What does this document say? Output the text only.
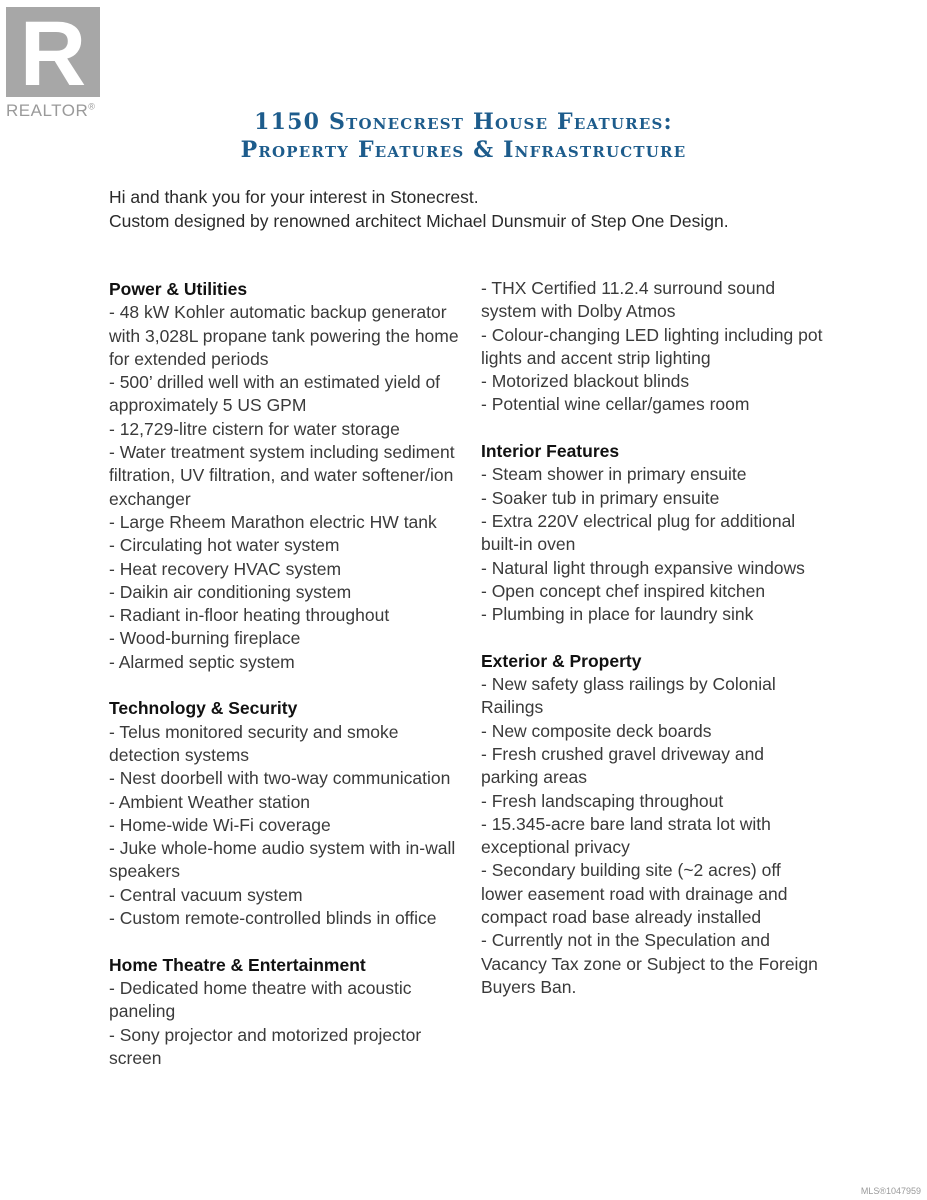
R
REALTOR®
1150 Stonecrest House Features:
Property Features & Infrastructure
Hi and thank you for your interest in Stonecrest.
Custom designed by renowned architect Michael Dunsmuir of Step One Design.
Power & Utilities
- 48 kW Kohler automatic backup generator with 3,028L propane tank powering the home for extended periods
- 500’ drilled well with an estimated yield of approximately 5 US GPM
- 12,729-litre cistern for water storage
- Water treatment system including sediment filtration, UV filtration, and water softener/ion exchanger
- Large Rheem Marathon electric HW tank
- Circulating hot water system
- Heat recovery HVAC system
- Daikin air conditioning system
- Radiant in-floor heating throughout
- Wood-burning fireplace
- Alarmed septic system
Technology & Security
- Telus monitored security and smoke detection systems
- Nest doorbell with two-way communication
- Ambient Weather station
- Home-wide Wi-Fi coverage
- Juke whole-home audio system with in-wall speakers
- Central vacuum system
- Custom remote-controlled blinds in office
Home Theatre & Entertainment
- Dedicated home theatre with acoustic paneling
- Sony projector and motorized projector screen
- THX Certified 11.2.4 surround sound system with Dolby Atmos
- Colour-changing LED lighting including pot lights and accent strip lighting
- Motorized blackout blinds
- Potential wine cellar/games room
Interior Features
- Steam shower in primary ensuite
- Soaker tub in primary ensuite
- Extra 220V electrical plug for additional built-in oven
- Natural light through expansive windows
- Open concept chef inspired kitchen
- Plumbing in place for laundry sink
Exterior & Property
- New safety glass railings by Colonial Railings
- New composite deck boards
- Fresh crushed gravel driveway and parking areas
- Fresh landscaping throughout
- 15.345-acre bare land strata lot with exceptional privacy
- Secondary building site (~2 acres) off lower easement road with drainage and compact road base already installed
- Currently not in the Speculation and Vacancy Tax zone or Subject to the Foreign Buyers Ban.
MLS®1047959
